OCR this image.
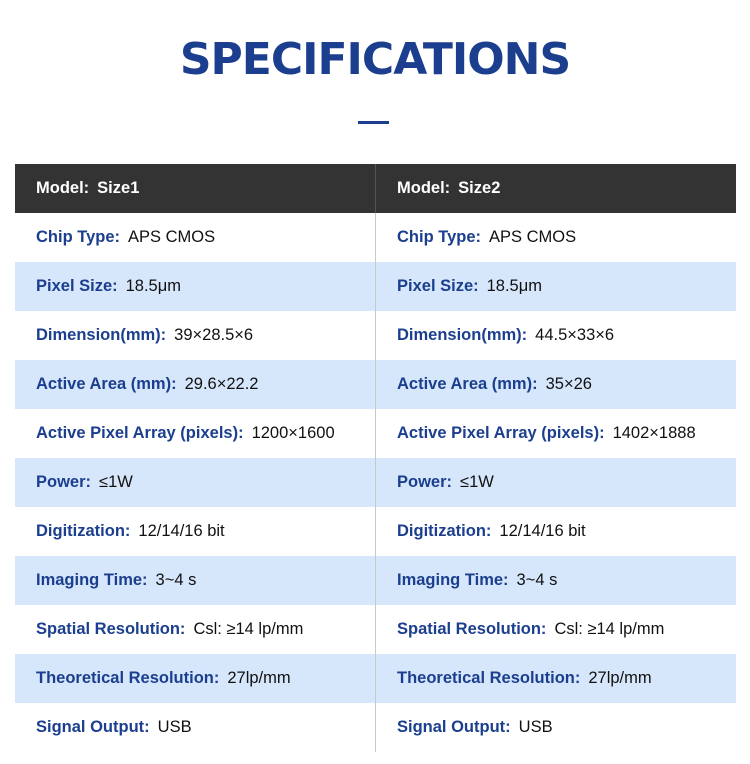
SPECIFICATIONS
Model: Size1	Model: Size2
Chip Type: APS CMOS	Chip Type: APS CMOS
Pixel Size: 18.5μm	Pixel Size: 18.5μm
Dimension(mm): 39×28.5×6	Dimension(mm): 44.5×33×6
Active Area (mm): 29.6×22.2	Active Area (mm): 35×26
Active Pixel Array (pixels): 1200×1600	Active Pixel Array (pixels): 1402×1888
Power: ≤1W	Power: ≤1W
Digitization: 12/14/16 bit	Digitization: 12/14/16 bit
Imaging Time: 3~4 s	Imaging Time: 3~4 s
Spatial Resolution: Csl: ≥14 lp/mm	Spatial Resolution: Csl: ≥14 lp/mm
Theoretical Resolution: 27lp/mm	Theoretical Resolution: 27lp/mm
Signal Output: USB	Signal Output: USB
